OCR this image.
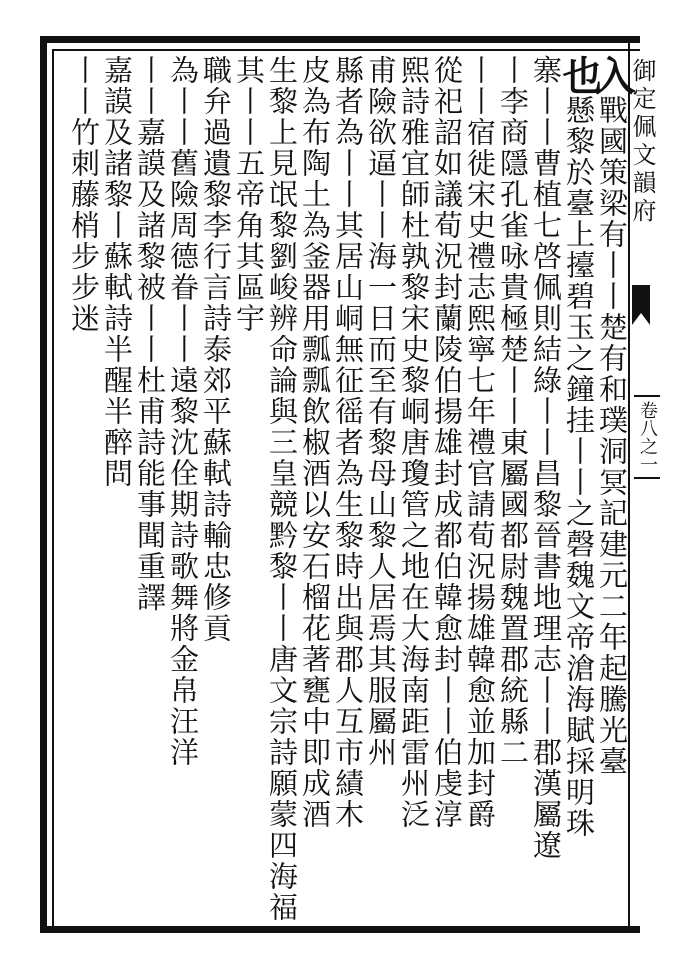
御定佩文韻府
卷八之一
入戰國策梁有丨丨楚有和璞洞冥記建元二年起騰光臺
也懸黎於臺上擡碧玉之鐘挂丨丨之磬魏文帝滄海賦採明珠
寨丨丨曹植七啓佩則結綠丨丨昌黎晉書地理志丨丨郡漢屬遼
丨李商隱孔雀咏貴極楚丨丨東屬國都尉魏置郡統縣二
丨丨宿徙宋史禮志熙寧七年禮官請荀況揚雄韓愈並加封爵
從祀詔如議荀況封蘭陵伯揚雄封成都伯韓愈封丨丨伯虔淳
熙詩雅宜師杜孰黎宋史黎峒唐瓊管之地在大海南距雷州泛
甫險欲逼丨丨海一日而至有黎母山黎人居焉其服屬州
縣者為丨丨其居山峒無征徭者為生黎時出與郡人互市績木
皮為布陶土為釜器用瓢瓢飲椒酒以安石榴花著甕中即成酒
生黎上見氓黎劉峻辨命論與三皇競黔黎丨丨唐文宗詩願蒙四海福
其丨丨五帝角其區宇
職弁過遺黎李行言詩泰郊平蘇軾詩輸忠修貢
為丨丨舊險周德眷丨丨遠黎沈佺期詩歌舞將金帛汪洋
丨丨嘉謨及諸黎被丨丨杜甫詩能事聞重譯
嘉謨及諸黎丨蘇軾詩半醒半醉問
丨丨竹刺藤梢步步迷
